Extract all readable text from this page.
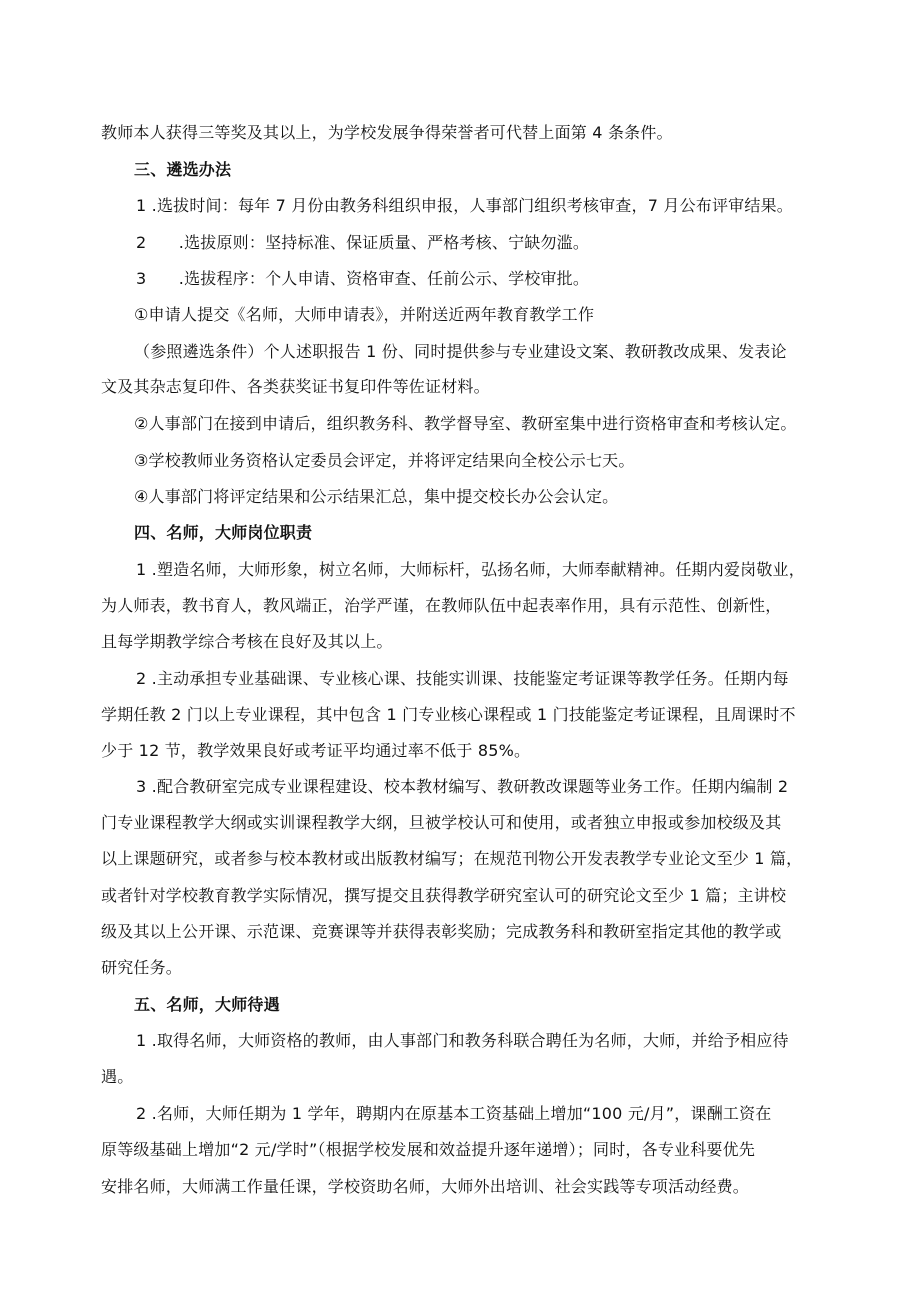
教师本人获得三等奖及其以上，为学校发展争得荣誉者可代替上面第 4 条条件。
三、遴选办法
1 .选拔时间：每年 7 月份由教务科组织申报，人事部门组织考核审查，7 月公布评审结果。
2　　.选拔原则：坚持标准、保证质量、严格考核、宁缺勿滥。
3　　.选拔程序：个人申请、资格审查、任前公示、学校审批。
①申请人提交《名师，大师申请表》，并附送近两年教育教学工作
（参照遴选条件）个人述职报告 1 份、同时提供参与专业建设文案、教研教改成果、发表论
文及其杂志复印件、各类获奖证书复印件等佐证材料。
②人事部门在接到申请后，组织教务科、教学督导室、教研室集中进行资格审查和考核认定。
③学校教师业务资格认定委员会评定，并将评定结果向全校公示七天。
④人事部门将评定结果和公示结果汇总，集中提交校长办公会认定。
四、名师，大师岗位职责
1 .塑造名师，大师形象，树立名师，大师标杆，弘扬名师，大师奉献精神。任期内爱岗敬业，
为人师表，教书育人，教风端正，治学严谨，在教师队伍中起表率作用，具有示范性、创新性，
且每学期教学综合考核在良好及其以上。
2 .主动承担专业基础课、专业核心课、技能实训课、技能鉴定考证课等教学任务。任期内每
学期任教 2 门以上专业课程，其中包含 1 门专业核心课程或 1 门技能鉴定考证课程，且周课时不
少于 12 节，教学效果良好或考证平均通过率不低于 85%。
3 .配合教研室完成专业课程建设、校本教材编写、教研教改课题等业务工作。任期内编制 2
门专业课程教学大纲或实训课程教学大纲，旦被学校认可和使用，或者独立申报或参加校级及其
以上课题研究，或者参与校本教材或出版教材编写；在规范刊物公开发表教学专业论文至少 1 篇，
或者针对学校教育教学实际情况，撰写提交且获得教学研究室认可的研究论文至少 1 篇；主讲校
级及其以上公开课、示范课、竞赛课等并获得表彰奖励；完成教务科和教研室指定其他的教学或
研究任务。
五、名师，大师待遇
1 .取得名师，大师资格的教师，由人事部门和教务科联合聘任为名师，大师，并给予相应待
遇。
2 .名师，大师任期为 1 学年，聘期内在原基本工资基础上增加“100 元/月”，课酬工资在
原等级基础上增加“2 元/学时”（根据学校发展和效益提升逐年递增）；同时，各专业科要优先
安排名师，大师满工作量任课，学校资助名师，大师外出培训、社会实践等专项活动经费。
